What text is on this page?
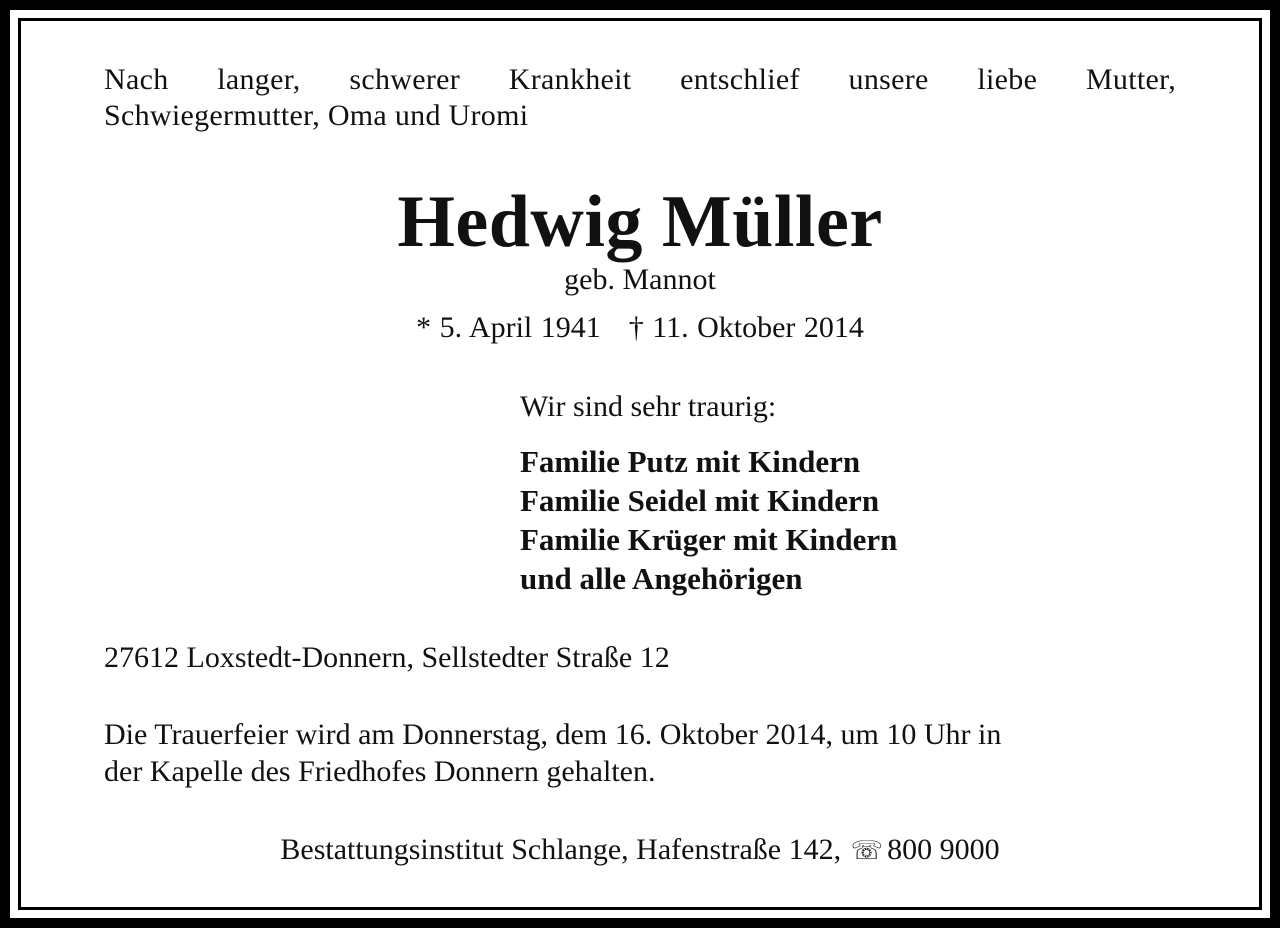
Nach langer, schwerer Krankheit entschlief unsere liebe Mutter,
Schwiegermutter, Oma und Uromi
Hedwig Müller
geb. Mannot
* 5. April 1941 † 11. Oktober 2014
Wir sind sehr traurig:
Familie Putz mit Kindern
Familie Seidel mit Kindern
Familie Krüger mit Kindern
und alle Angehörigen
27612 Loxstedt-Donnern, Sellstedter Straße 12
Die Trauerfeier wird am Donnerstag, dem 16. Oktober 2014, um 10 Uhr in
der Kapelle des Friedhofes Donnern gehalten.
Bestattungsinstitut Schlange, Hafenstraße 142, ☏ 800 9000
